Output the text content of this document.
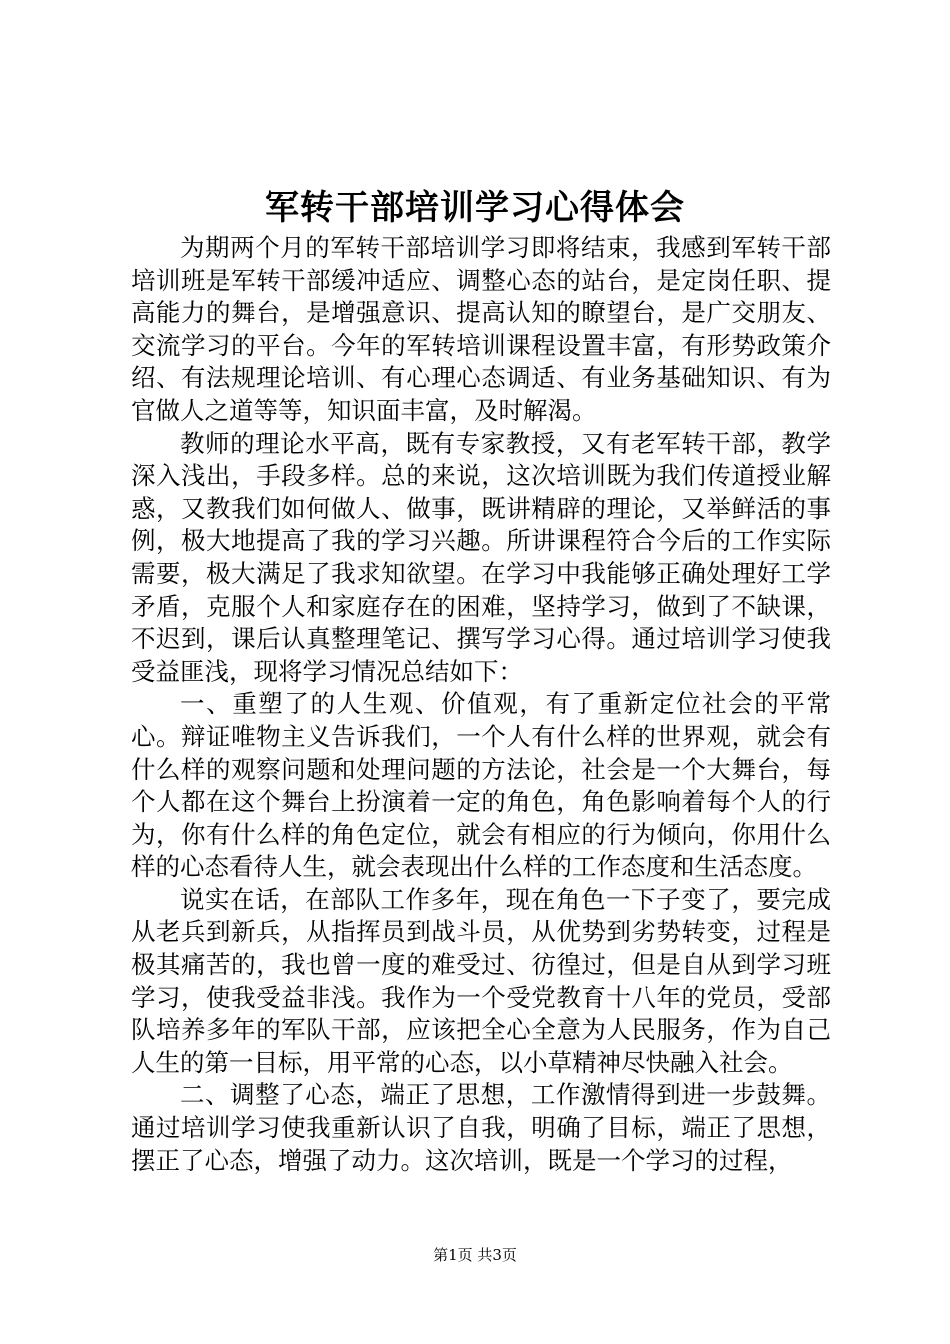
军转干部培训学习心得体会

为期两个月的军转干部培训学习即将结束，我感到军转干部培训班是军转干部缓冲适应、调整心态的站台，是定岗任职、提高能力的舞台，是增强意识、提高认知的瞭望台，是广交朋友、交流学习的平台。今年的军转培训课程设置丰富，有形势政策介绍、有法规理论培训、有心理心态调适、有业务基础知识、有为官做人之道等等，知识面丰富，及时解渴。

教师的理论水平高，既有专家教授，又有老军转干部，教学深入浅出，手段多样。总的来说，这次培训既为我们传道授业解惑，又教我们如何做人、做事，既讲精辟的理论，又举鲜活的事例，极大地提高了我的学习兴趣。所讲课程符合今后的工作实际需要，极大满足了我求知欲望。在学习中我能够正确处理好工学矛盾，克服个人和家庭存在的困难，坚持学习，做到了不缺课，不迟到，课后认真整理笔记、撰写学习心得。通过培训学习使我受益匪浅，现将学习情况总结如下：

一、重塑了的人生观、价值观，有了重新定位社会的平常心。辩证唯物主义告诉我们，一个人有什么样的世界观，就会有什么样的观察问题和处理问题的方法论，社会是一个大舞台，每个人都在这个舞台上扮演着一定的角色，角色影响着每个人的行为，你有什么样的角色定位，就会有相应的行为倾向，你用什么样的心态看待人生，就会表现出什么样的工作态度和生活态度。

说实在话，在部队工作多年，现在角色一下子变了，要完成从老兵到新兵，从指挥员到战斗员，从优势到劣势转变，过程是极其痛苦的，我也曾一度的难受过、彷徨过，但是自从到学习班学习，使我受益非浅。我作为一个受党教育十八年的党员，受部队培养多年的军队干部，应该把全心全意为人民服务，作为自己人生的第一目标，用平常的心态，以小草精神尽快融入社会。

二、调整了心态，端正了思想，工作激情得到进一步鼓舞。通过培训学习使我重新认识了自我，明确了目标，端正了思想，摆正了心态，增强了动力。这次培训，既是一个学习的过程，

第1页 共3页
